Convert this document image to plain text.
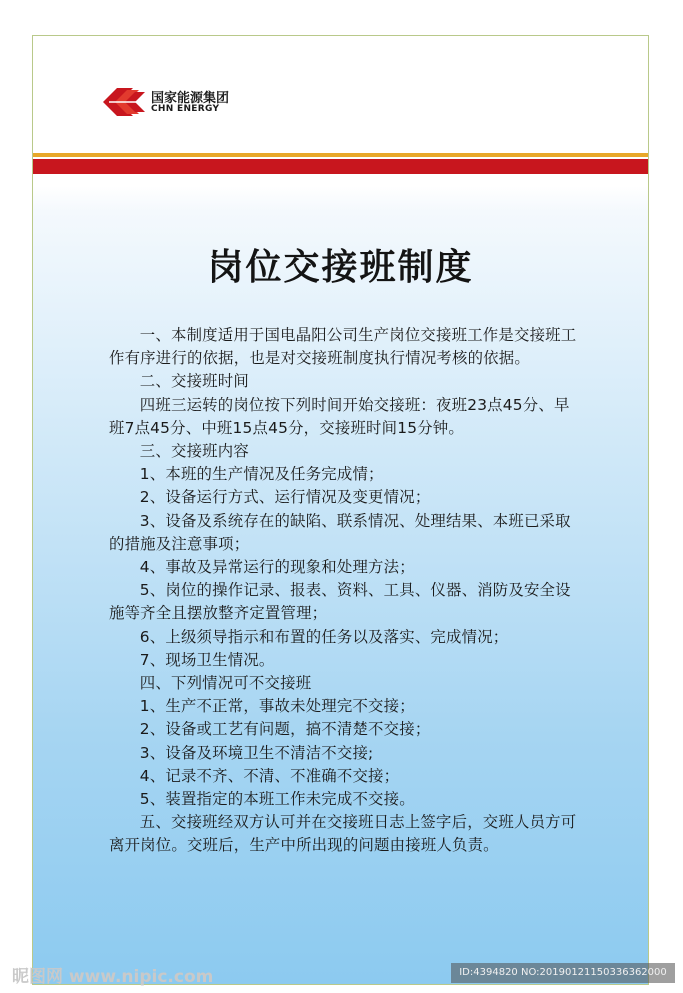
国家能源集团
CHN ENERGY
岗位交接班制度

一、本制度适用于国电晶阳公司生产岗位交接班工作是交接班工作有序进行的依据，也是对交接班制度执行情况考核的依据。

二、交接班时间

四班三运转的岗位按下列时间开始交接班：夜班23点45分、早班7点45分、中班15点45分，交接班时间15分钟。

三、交接班内容

1、本班的生产情况及任务完成情；

2、设备运行方式、运行情况及变更情况；

3、设备及系统存在的缺陷、联系情况、处理结果、本班已采取的措施及注意事项；

4、事故及异常运行的现象和处理方法；

5、岗位的操作记录、报表、资料、工具、仪器、消防及安全设施等齐全且摆放整齐定置管理；

6、上级须导指示和布置的任务以及落实、完成情况；

7、现场卫生情况。

四、下列情况可不交接班

1、生产不正常，事故未处理完不交接；

2、设备或工艺有问题，搞不清楚不交接；

3、设备及环境卫生不清洁不交接;

4、记录不齐、不清、不准确不交接；

5、装置指定的本班工作未完成不交接。

五、交接班经双方认可并在交接班日志上签字后，交班人员方可离开岗位。交班后，生产中所出现的问题由接班人负责。

昵图网 www.nipic.com	ID:4394820 NO:20190121150336362000
